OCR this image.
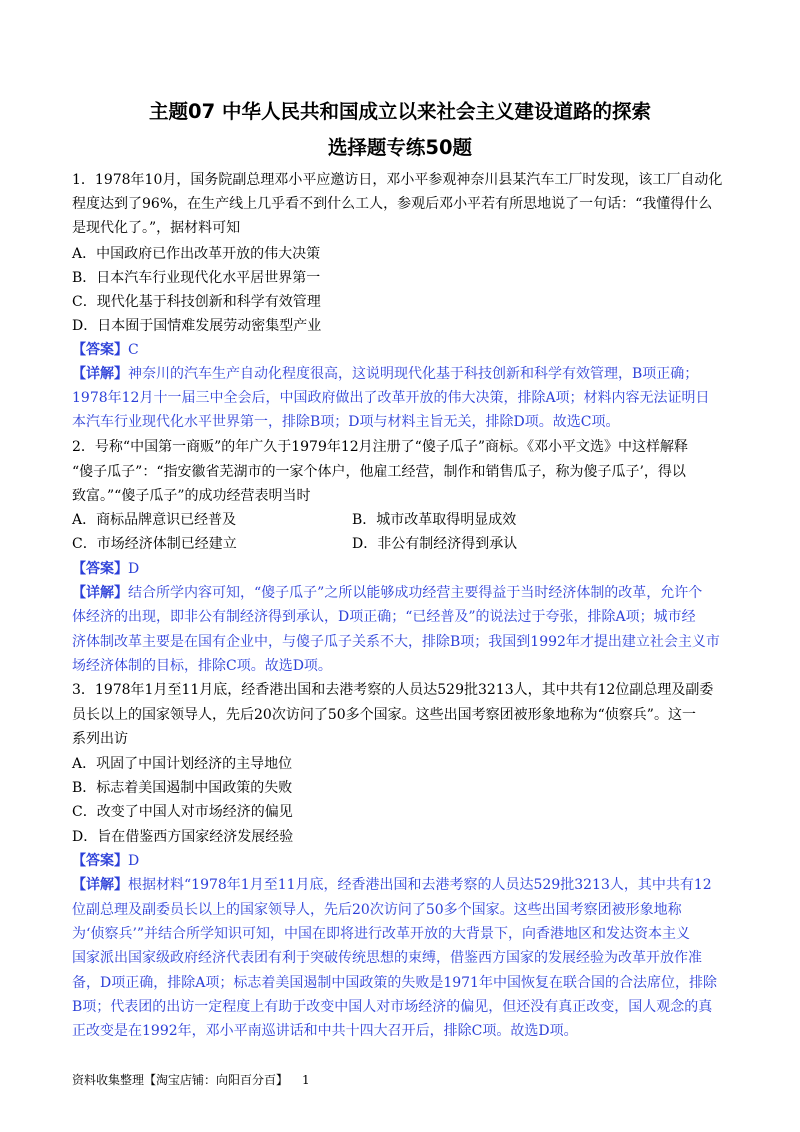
主题07 中华人民共和国成立以来社会主义建设道路的探索
选择题专练50题
1．1978年10月，国务院副总理邓小平应邀访日，邓小平参观神奈川县某汽车工厂时发现，该工厂自动化
程度达到了96%，在生产线上几乎看不到什么工人，参观后邓小平若有所思地说了一句话：“我懂得什么
是现代化了。”，据材料可知
A．中国政府已作出改革开放的伟大决策
B．日本汽车行业现代化水平居世界第一
C．现代化基于科技创新和科学有效管理
D．日本囿于国情难发展劳动密集型产业
【答案】C
【详解】神奈川的汽车生产自动化程度很高，这说明现代化基于科技创新和科学有效管理，B项正确；
1978年12月十一届三中全会后，中国政府做出了改革开放的伟大决策，排除A项；材料内容无法证明日
本汽车行业现代化水平世界第一，排除B项；D项与材料主旨无关，排除D项。故选C项。
2．号称“中国第一商贩”的年广久于1979年12月注册了“傻子瓜子”商标。《邓小平文选》中这样解释
“傻子瓜子”：“指安徽省芜湖市的一家个体户，他雇工经营，制作和销售瓜子，称为傻子瓜子’，得以
致富。”“傻子瓜子”的成功经营表明当时
A．商标品牌意识已经普及	B．城市改革取得明显成效
C．市场经济体制已经建立	D．非公有制经济得到承认
【答案】D
【详解】结合所学内容可知，“傻子瓜子”之所以能够成功经营主要得益于当时经济体制的改革，允许个
体经济的出现，即非公有制经济得到承认，D项正确；“已经普及”的说法过于夸张，排除A项；城市经
济体制改革主要是在国有企业中，与傻子瓜子关系不大，排除B项；我国到1992年才提出建立社会主义市
场经济体制的目标，排除C项。故选D项。
3．1978年1月至11月底，经香港出国和去港考察的人员达529批3213人，其中共有12位副总理及副委
员长以上的国家领导人，先后20次访问了50多个国家。这些出国考察团被形象地称为“侦察兵”。这一
系列出访
A．巩固了中国计划经济的主导地位
B．标志着美国遏制中国政策的失败
C．改变了中国人对市场经济的偏见
D．旨在借鉴西方国家经济发展经验
【答案】D
【详解】根据材料“1978年1月至11月底，经香港出国和去港考察的人员达529批3213人，其中共有12
位副总理及副委员长以上的国家领导人，先后20次访问了50多个国家。这些出国考察团被形象地称
为‘侦察兵’”并结合所学知识可知，中国在即将进行改革开放的大背景下，向香港地区和发达资本主义
国家派出国家级政府经济代表团有利于突破传统思想的束缚，借鉴西方国家的发展经验为改革开放作准
备，D项正确，排除A项；标志着美国遏制中国政策的失败是1971年中国恢复在联合国的合法席位，排除
B项；代表团的出访一定程度上有助于改变中国人对市场经济的偏见，但还没有真正改变，国人观念的真
正改变是在1992年，邓小平南巡讲话和中共十四大召开后，排除C项。故选D项。
资料收集整理【淘宝店铺：向阳百分百】 1
